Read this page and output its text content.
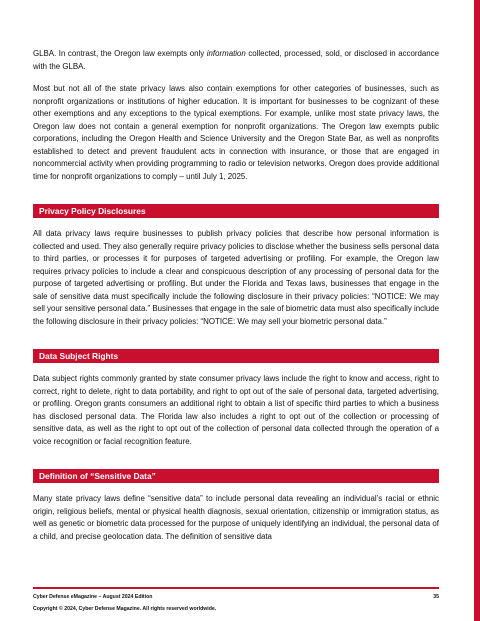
GLBA. In contrast, the Oregon law exempts only information collected, processed, sold, or disclosed in accordance with the GLBA.

Most but not all of the state privacy laws also contain exemptions for other categories of businesses, such as nonprofit organizations or institutions of higher education. It is important for businesses to be cognizant of these other exemptions and any exceptions to the typical exemptions. For example, unlike most state privacy laws, the Oregon law does not contain a general exemption for nonprofit organizations. The Oregon law exempts public corporations, including the Oregon Health and Science University and the Oregon State Bar, as well as nonprofits established to detect and prevent fraudulent acts in connection with insurance, or those that are engaged in noncommercial activity when providing programming to radio or television networks. Oregon does provide additional time for nonprofit organizations to comply – until July 1, 2025.

Privacy Policy Disclosures

All data privacy laws require businesses to publish privacy policies that describe how personal information is collected and used. They also generally require privacy policies to disclose whether the business sells personal data to third parties, or processes it for purposes of targeted advertising or profiling. For example, the Oregon law requires privacy policies to include a clear and conspicuous description of any processing of personal data for the purpose of targeted advertising or profiling. But under the Florida and Texas laws, businesses that engage in the sale of sensitive data must specifically include the following disclosure in their privacy policies: “NOTICE: We may sell your sensitive personal data.” Businesses that engage in the sale of biometric data must also specifically include the following disclosure in their privacy policies: “NOTICE: We may sell your biometric personal data.”

Data Subject Rights

Data subject rights commonly granted by state consumer privacy laws include the right to know and access, right to correct, right to delete, right to data portability, and right to opt out of the sale of personal data, targeted advertising, or profiling. Oregon grants consumers an additional right to obtain a list of specific third parties to which a business has disclosed personal data. The Florida law also includes a right to opt out of the collection or processing of sensitive data, as well as the right to opt out of the collection of personal data collected through the operation of a voice recognition or facial recognition feature.

Definition of “Sensitive Data”

Many state privacy laws define “sensitive data” to include personal data revealing an individual’s racial or ethnic origin, religious beliefs, mental or physical health diagnosis, sexual orientation, citizenship or immigration status, as well as genetic or biometric data processed for the purpose of uniquely identifying an individual, the personal data of a child, and precise geolocation data. The definition of sensitive data

Cyber Defense eMagazine – August 2024 Edition	35
Copyright © 2024, Cyber Defense Magazine. All rights reserved worldwide.
